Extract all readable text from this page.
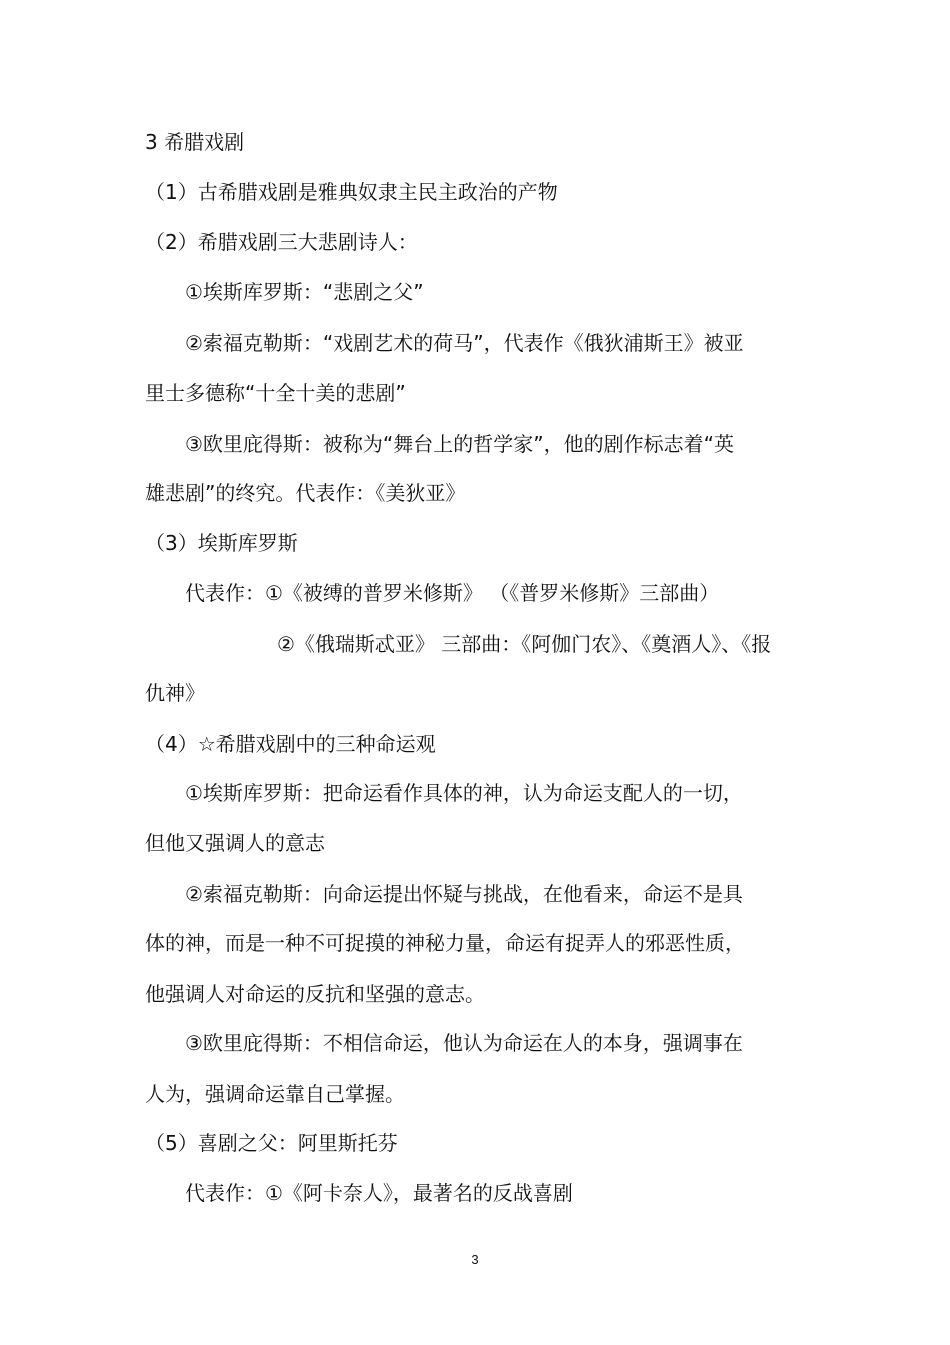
3 希腊戏剧
（1）古希腊戏剧是雅典奴隶主民主政治的产物
（2）希腊戏剧三大悲剧诗人：
①埃斯库罗斯：“悲剧之父”
②索福克勒斯：“戏剧艺术的荷马”，代表作《俄狄浦斯王》被亚
里士多德称“十全十美的悲剧”
③欧里庇得斯：被称为“舞台上的哲学家”，他的剧作标志着“英
雄悲剧”的终究。代表作：《美狄亚》
（3）埃斯库罗斯
代表作：①《被缚的普罗米修斯》 （《普罗米修斯》三部曲）
②《俄瑞斯忒亚》 三部曲：《阿伽门农》、《奠酒人》、《报
仇神》
（4）☆希腊戏剧中的三种命运观
①埃斯库罗斯：把命运看作具体的神，认为命运支配人的一切，
但他又强调人的意志
②索福克勒斯：向命运提出怀疑与挑战，在他看来，命运不是具
体的神，而是一种不可捉摸的神秘力量，命运有捉弄人的邪恶性质，
他强调人对命运的反抗和坚强的意志。
③欧里庇得斯：不相信命运，他认为命运在人的本身，强调事在
人为，强调命运靠自己掌握。
（5）喜剧之父：阿里斯托芬
代表作：①《阿卡奈人》，最著名的反战喜剧
3
